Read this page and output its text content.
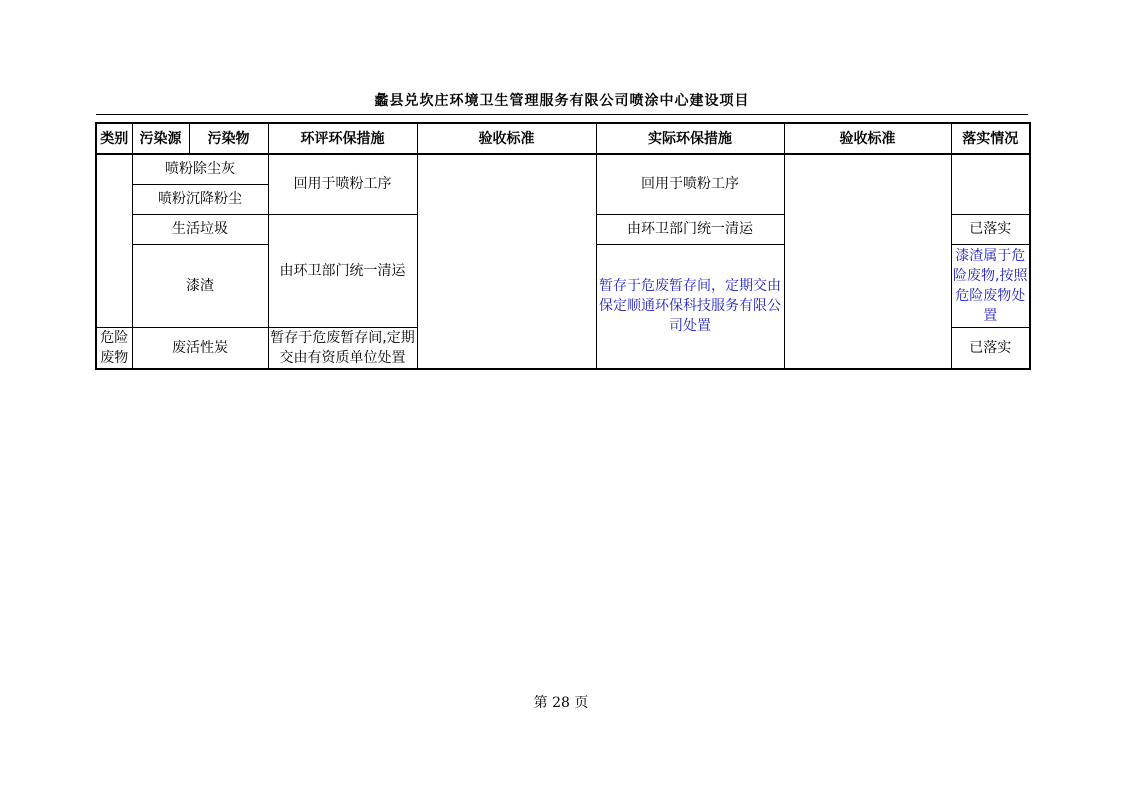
蠡县兑坎庄环境卫生管理服务有限公司喷涂中心建设项目
类别	污染源	污染物	环评环保措施	验收标准	实际环保措施	验收标准	落实情况
	喷粉除尘灰		回用于喷粉工序		回用于喷粉工序		
	喷粉沉降粉尘						
	生活垃圾		由环卫部门统一清运		由环卫部门统一清运		已落实
	漆渣				暂存于危废暂存间，定期交由保定顺通环保科技服务有限公司处置		漆渣属于危险废物,按照危险废物处置
危险废物	废活性炭		暂存于危废暂存间,定期交由有资质单位处置				已落实
第 28 页
